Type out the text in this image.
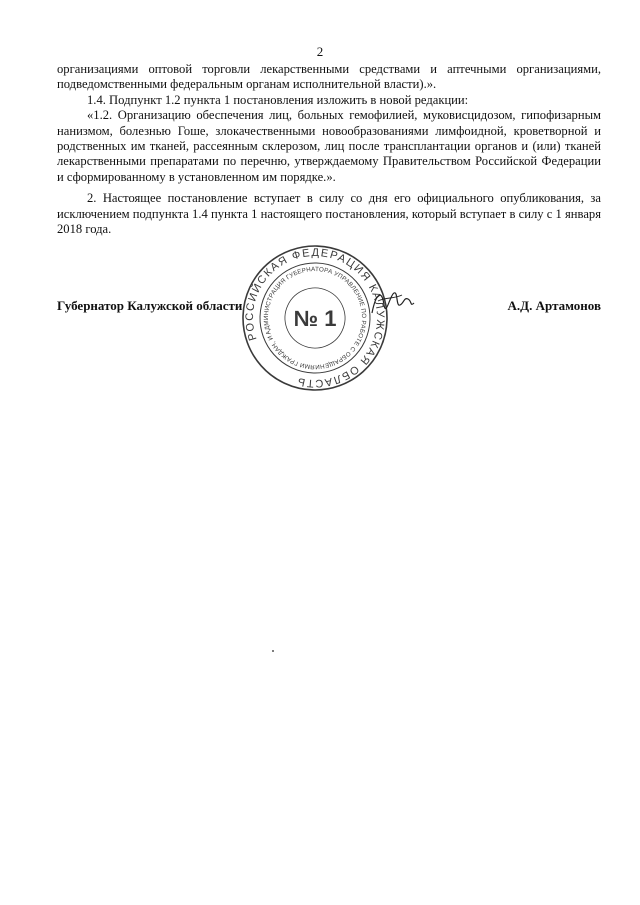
2

организациями оптовой торговли лекарственными средствами и аптечными организациями, подведомственными федеральным органам исполнительной власти).».

1.4. Подпункт 1.2 пункта 1 постановления изложить в новой редакции:

«1.2. Организацию обеспечения лиц, больных гемофилией, муковисцидозом, гипофизарным нанизмом, болезнью Гоше, злокачественными новообразованиями лимфоидной, кроветворной и родственных им тканей, рассеянным склерозом, лиц после трансплантации органов и (или) тканей лекарственными препаратами по перечню, утверждаемому Правительством Российской Федерации и сформированному в установленном им порядке.».

2. Настоящее постановление вступает в силу со дня его официального опубликования, за исключением подпункта 1.4 пункта 1 настоящего постановления, который вступает в силу с 1 января 2018 года.

Губернатор Калужской области	А.Д. Артамонов
РОССИЙСКАЯ ФЕДЕРАЦИЯ КАЛУЖСКАЯ ОБЛАСТЬ
АДМИНИСТРАЦИЯ ГУБЕРНАТОРА УПРАВЛЕНИЕ ПО РАБОТЕ С ОБРАЩЕНИЯМИ ГРАЖДАН, ИХ
№ 1
